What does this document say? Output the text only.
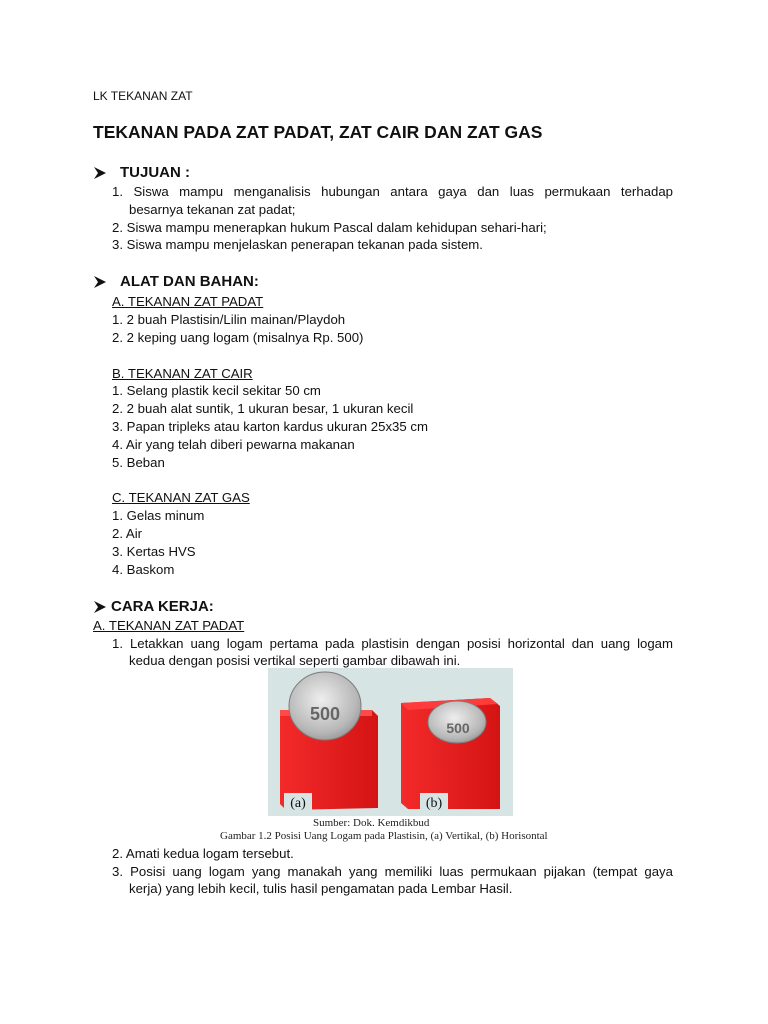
LK TEKANAN ZAT
TEKANAN PADA ZAT PADAT, ZAT CAIR DAN ZAT GAS
TUJUAN :
1. Siswa mampu menganalisis hubungan antara gaya dan luas permukaan terhadap
besarnya tekanan zat padat;
2. Siswa mampu menerapkan hukum Pascal dalam kehidupan sehari-hari;
3. Siswa mampu menjelaskan penerapan tekanan pada sistem.
ALAT DAN BAHAN:
A. TEKANAN ZAT PADAT
1. 2 buah Plastisin/Lilin mainan/Playdoh
2. 2 keping uang logam (misalnya Rp. 500)
B. TEKANAN ZAT CAIR
1. Selang plastik kecil sekitar 50 cm
2. 2 buah alat suntik, 1 ukuran besar, 1 ukuran kecil
3. Papan tripleks atau karton kardus ukuran 25x35 cm
4. Air yang telah diberi pewarna makanan
5. Beban
C. TEKANAN ZAT GAS
1. Gelas minum
2. Air
3. Kertas HVS
4. Baskom
CARA KERJA:
A. TEKANAN ZAT PADAT
1. Letakkan uang logam pertama pada plastisin dengan posisi horizontal dan uang logam
kedua dengan posisi vertikal seperti gambar dibawah ini.
500
500
(a)	(b)
Sumber: Dok. Kemdikbud
Gambar 1.2 Posisi Uang Logam pada Plastisin, (a) Vertikal, (b) Horisontal
2. Amati kedua logam tersebut.
3. Posisi uang logam yang manakah yang memiliki luas permukaan pijakan (tempat gaya
kerja) yang lebih kecil, tulis hasil pengamatan pada Lembar Hasil.
